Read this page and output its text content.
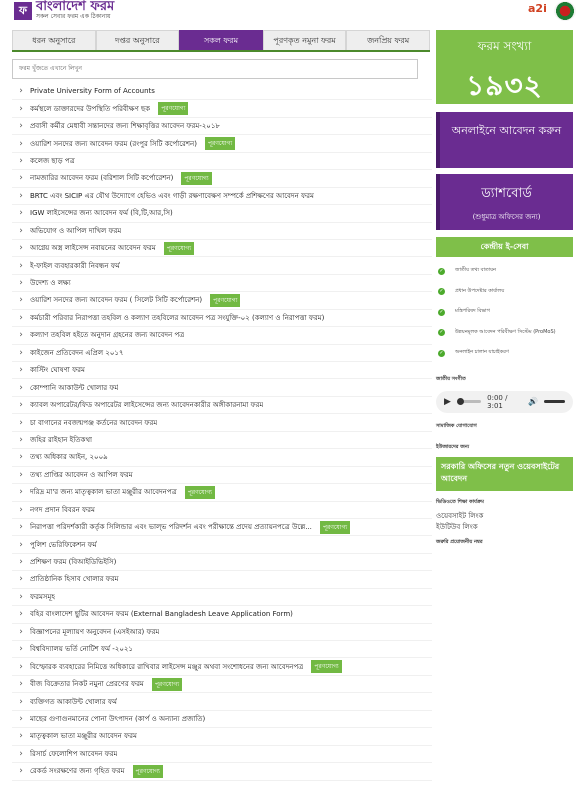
ফ বাংলাদেশ ফরম
সকল সেবার ফরম এক ঠিকানায়
a2i
ধরন অনুসারে	দপ্তর অনুসারে	সকল ফরম	পূরণকৃত নমুনা ফরম	জনপ্রিয় ফরম
ফরম খুঁজতে এখানে লিখুন
›	Private University Form of Accounts
›	কর্মস্থলে ডাক্তারদের উপস্থিতি পরিবীক্ষণ ছক	পূরণযোগ্য
›	প্রবাসী কর্মীর মেধাবী সন্তানদের জন্য শিক্ষাবৃত্তির আবেদন ফরম-২০১৮
›	ওয়ারিশ সনদের জন্য আবেদন ফরম (রংপুর সিটি কর্পোরেশন)	পূরণযোগ্য
›	কলেজ ছাড় পত্র
›	নামজারির আবেদন ফরম (বরিশাল সিটি কর্পোরেশন)	পূরণযোগ্য
›	BRTC এবং SICIP এর যৌথ উদ্যোগে হেভিও এবং গাড়ী রক্ষণাবেক্ষণ সম্পর্কে প্রশিক্ষণের আবেদন ফরম
›	IGW লাইসেন্সের জন্য আবেদন ফর্ম (বি,টি,আর,সি)
›	অভিযোগ ও আপিল দাখিল ফরম
›	আগ্নেয় অস্ত্র লাইসেন্স নবায়নের আবেদন ফরম	পূরণযোগ্য
›	ই-ফাইল ব্যবহারকারী নিবন্ধন ফর্ম
›	উদেশ্য ও লক্ষ্য
›	ওয়ারিশ সনদের জন্য আবেদন ফরম ( সিলেট সিটি কর্পোরেশন)	পূরণযোগ্য
›	কর্মচারী পরিবার নিরাপত্তা তহবিল ও কল্যাণ তহবিলের আবেদন পত্র সংযুক্তি-০২ (কল্যাণ ও নিরাপত্তা ফরম)
›	কল্যাণ তহবিল হইতে অনুদান গ্রহনের জন্য আবেদন পত্র
›	কাইজেন প্রতিবেদন এপ্রিল ২০১৭
›	কাস্টিং ঘোষণা ফরম
›	কোম্পানি আকাউন্ট খোলার ফর্ম
›	ক্যাবল অপারেটর/ফিড অপারেটর লাইসেন্সের জন্য আবেদনকারীর অঙ্গীকারনামা ফরম
›	চা বাগানের নবজন্মপঞ্জ কর্তনের আবেদন ফরম
›	জহির রাইহান ইতিকথা
›	তথ্য অধিকার আইন, ২০০৯
›	তথ্য প্রাপ্তির আবেদন ও আপিল ফরম
›	দরিদ্র মা'র জন্য মাতৃত্বকাল ভাতা মঞ্জুরীর আবেদনপত্র	পূরণযোগ্য
›	নগদ প্রদান বিবরন ফরম
›	নিরাপত্তা পরিদর্শকারী কর্তৃক সিলিন্ডার এবং ভাল্ভ পরিদর্শন এবং পরীক্ষান্তে প্রদেয় প্রত্যায়নপত্রে উল্লে...	পূরণযোগ্য
›	পুলিশ ভেরিফিকেশন ফর্ম
›	প্রশিক্ষণ ফরম (বিআইডিভিইসি)
›	প্রাতিষ্ঠানিক হিসাব খোলার ফরম
›	ফরমসমূহ
›	বহির বাংলাদেশ ছুটির আবেদন ফরম (External Bangladesh Leave Application Form)
›	বিজ্ঞাপনের মূল্যায়ণ অনুবেদন (এসইআর) ফরম
›	বিশ্ববিদ্যালয় ভর্তি নোটিশ ফর্ম -২০২১
›	বিস্ফোরক ব্যবহারের নিমিত্তে অধিকারে রাখিবার লাইসেন্স মঞ্জুর অথবা সংশোধনের জন্য আবেদনপত্র	পূরণযোগ্য
›	বীজ বিক্রেতার নিকট নমুনা প্রেরণের ফরম	পূরণযোগ্য
›	ব্যক্তিগত আকাউন্ট খোলার ফর্ম
›	মাছের গুণাগুনমানের পোনা উৎপাদন (কার্প ও অন্যান্য প্রজাতি)
›	মাতৃত্বকাল ভাতা মঞ্জুরীর আবেদন ফরম
›	রিসার্চ ফেলোশিপ আবেদন ফরম
›	রেকর্ড সংরক্ষণের জন্য গৃহিত ফরম	পূরণযোগ্য
ফরম সংখ্যা
১৯৩২
অনলাইনে আবেদন করুন
ড্যাশবোর্ড
(শুধুমাত্র অফিসের জন্য)
কেন্দ্রীয় ই-সেবা
✓ জাতীয় তথ্য বাতায়ন
✓ প্রধান উপদেষ্টার কার্যালয়
✓ মন্ত্রিপরিষদ বিভাগ
✓ উন্নয়নমূলক আবেদন পরিবীক্ষণ সিস্টেম (ProMoS)
✓ অনলাইন চালান যাচাইকরণ
জাতীয় সংগীত
▶	0:00 / 3:01	🔊
সামাজিক যোগাযোগ
ইউজারদের জন্য
সরকারি অফিসের নতুন ওয়েবসাইটের আবেদন
ভিডিওতে শিক্ষা কার্যক্রম
ওয়েবসাইট লিংক
ইউটিউব লিংক
জরুরি প্রয়োজনীয় নম্বর
